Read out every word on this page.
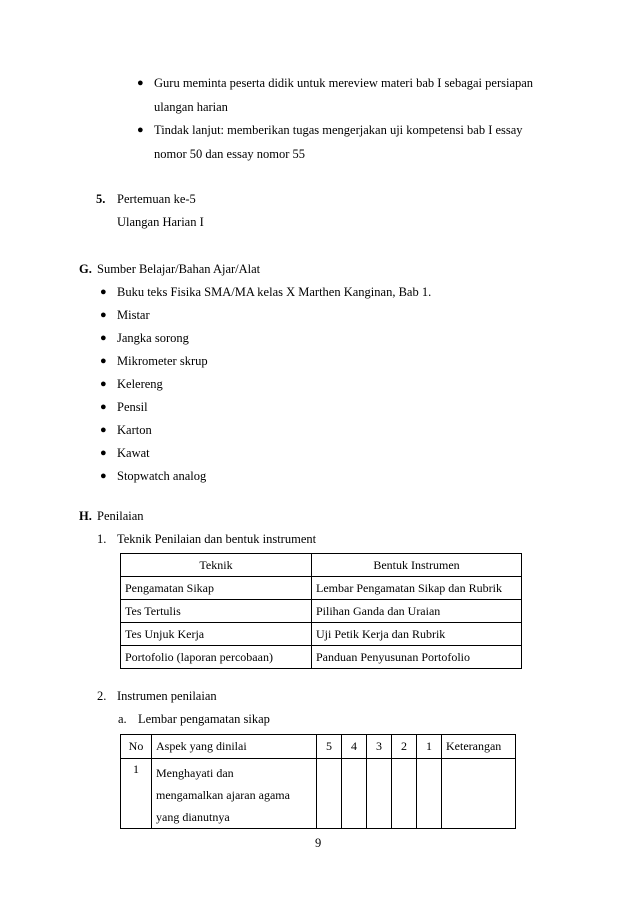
● Guru meminta peserta didik untuk mereview materi bab I sebagai persiapan
ulangan harian
● Tindak lanjut: memberikan tugas mengerjakan uji kompetensi bab I essay
nomor 50 dan essay nomor 55
5. Pertemuan ke-5
Ulangan Harian I
G. Sumber Belajar/Bahan Ajar/Alat
● Buku teks Fisika SMA/MA kelas X Marthen Kanginan, Bab 1.
● Mistar
● Jangka sorong
● Mikrometer skrup
● Kelereng
● Pensil
● Karton
● Kawat
● Stopwatch analog
H. Penilaian
1. Teknik Penilaian dan bentuk instrument
Teknik	Bentuk Instrumen
Pengamatan Sikap	Lembar Pengamatan Sikap dan Rubrik
Tes Tertulis	Pilihan Ganda dan Uraian
Tes Unjuk Kerja	Uji Petik Kerja dan Rubrik
Portofolio (laporan percobaan)	Panduan Penyusunan Portofolio
2. Instrumen penilaian
a. Lembar pengamatan sikap
No	Aspek yang dinilai	5	4	3	2	1	Keterangan
1	Menghayati dan
mengamalkan ajaran agama
yang dianutnya						

9
